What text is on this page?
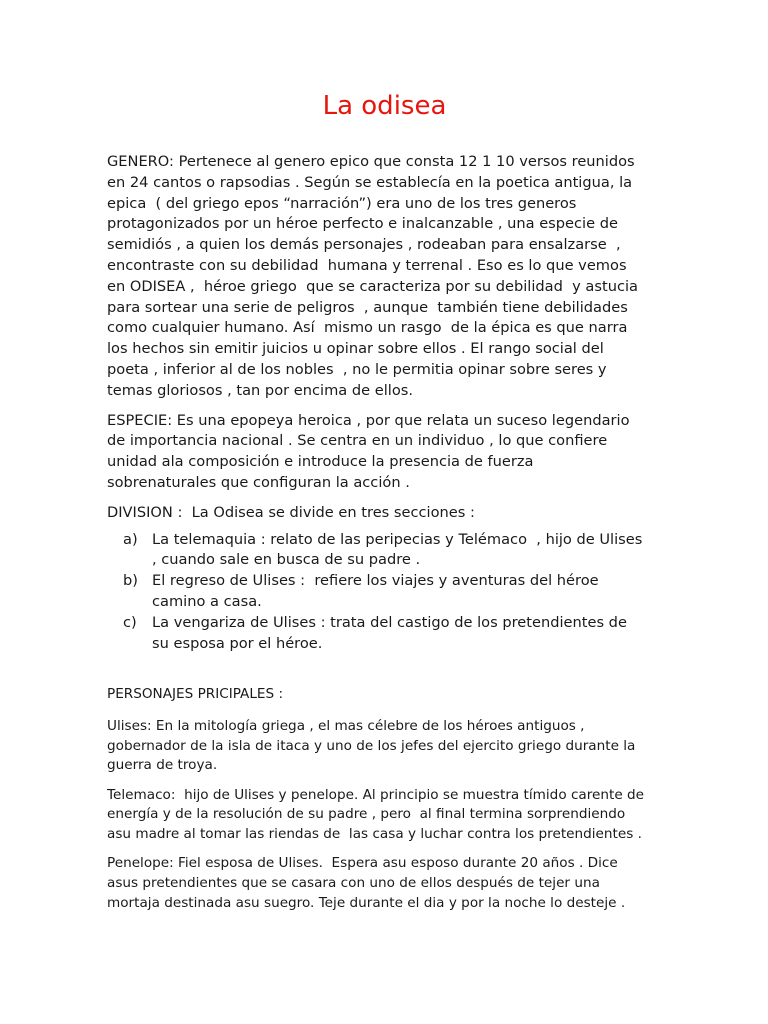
La odisea

GENERO: Pertenece al genero epico que consta 12 1 10 versos reunidos
en 24 cantos o rapsodias . Según se establecía en la poetica antigua, la
epica  ( del griego epos “narración”) era uno de los tres generos
protagonizados por un héroe perfecto e inalcanzable , una especie de
semidiós , a quien los demás personajes , rodeaban para ensalzarse  ,
encontraste con su debilidad  humana y terrenal . Eso es lo que vemos
en ODISEA ,  héroe griego  que se caracteriza por su debilidad  y astucia
para sortear una serie de peligros  , aunque  también tiene debilidades
como cualquier humano. Así  mismo un rasgo  de la épica es que narra
los hechos sin emitir juicios u opinar sobre ellos . El rango social del
poeta , inferior al de los nobles  , no le permitia opinar sobre seres y
temas gloriosos , tan por encima de ellos.

ESPECIE: Es una epopeya heroica , por que relata un suceso legendario
de importancia nacional . Se centra en un individuo , lo que confiere
unidad ala composición e introduce la presencia de fuerza
sobrenaturales que configuran la acción .

DIVISION :  La Odisea se divide en tres secciones :

a) La telemaquia : relato de las peripecias y Telémaco  , hijo de Ulises
, cuando sale en busca de su padre .
b) El regreso de Ulises :  refiere los viajes y aventuras del héroe
camino a casa.
c)	La vengariza de Ulises : trata del castigo de los pretendientes de
su esposa por el héroe.

PERSONAJES PRICIPALES :

Ulises: En la mitología griega , el mas célebre de los héroes antiguos ,
gobernador de la isla de itaca y uno de los jefes del ejercito griego durante la
guerra de troya.

Telemaco:  hijo de Ulises y penelope. Al principio se muestra tímido carente de
energía y de la resolución de su padre , pero  al final termina sorprendiendo
asu madre al tomar las riendas de  las casa y luchar contra los pretendientes .

Penelope: Fiel esposa de Ulises.  Espera asu esposo durante 20 años . Dice
asus pretendientes que se casara con uno de ellos después de tejer una
mortaja destinada asu suegro. Teje durante el dia y por la noche lo desteje .
